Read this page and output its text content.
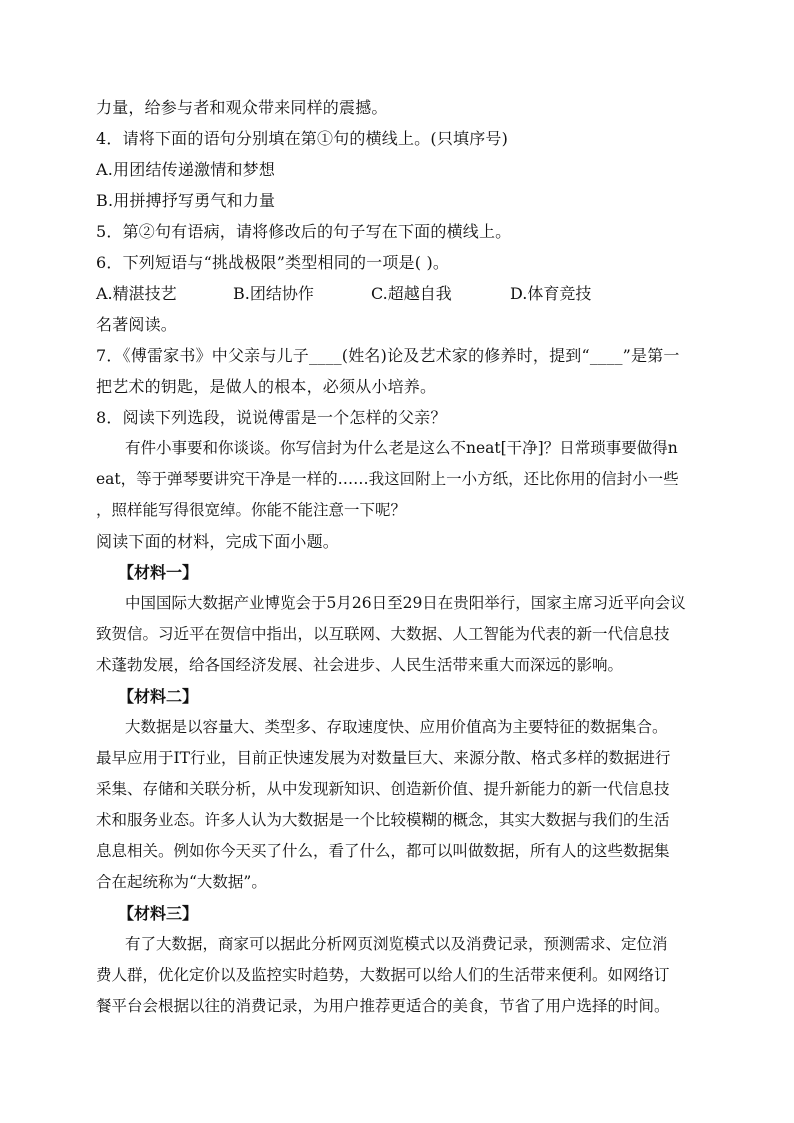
力量，给参与者和观众带来同样的震撼。
4．请将下面的语句分别填在第①句的横线上。(只填序号)
A.用团结传递激情和梦想
B.用拼搏抒写勇气和力量
5．第②句有语病，请将修改后的句子写在下面的横线上。
6．下列短语与“挑战极限”类型相同的一项是( )。
A.精湛技艺	B.团结协作	C.超越自我	D.体育竞技
名著阅读。
7．《傅雷家书》中父亲与儿子____(姓名)论及艺术家的修养时，提到“____”是第一
把艺术的钥匙，是做人的根本，必须从小培养。
8．阅读下列选段，说说傅雷是一个怎样的父亲？
有件小事要和你谈谈。你写信封为什么老是这么不neat[干净]？日常琐事要做得n
eat，等于弹琴要讲究干净是一样的……我这回附上一小方纸，还比你用的信封小一些
，照样能写得很宽绰。你能不能注意一下呢？
阅读下面的材料，完成下面小题。
【材料一】
中国国际大数据产业博览会于5月26日至29日在贵阳举行，国家主席习近平向会议
致贺信。习近平在贺信中指出，以互联网、大数据、人工智能为代表的新一代信息技
术蓬勃发展，给各国经济发展、社会进步、人民生活带来重大而深远的影响。
【材料二】
大数据是以容量大、类型多、存取速度快、应用价值高为主要特征的数据集合。
最早应用于IT行业，目前正快速发展为对数量巨大、来源分散、格式多样的数据进行
采集、存储和关联分析，从中发现新知识、创造新价值、提升新能力的新一代信息技
术和服务业态。许多人认为大数据是一个比较模糊的概念，其实大数据与我们的生活
息息相关。例如你今天买了什么，看了什么，都可以叫做数据，所有人的这些数据集
合在起统称为“大数据”。
【材料三】
有了大数据，商家可以据此分析网页浏览模式以及消费记录，预测需求、定位消
费人群，优化定价以及监控实时趋势，大数据可以给人们的生活带来便利。如网络订
餐平台会根据以往的消费记录，为用户推荐更适合的美食，节省了用户选择的时间。
